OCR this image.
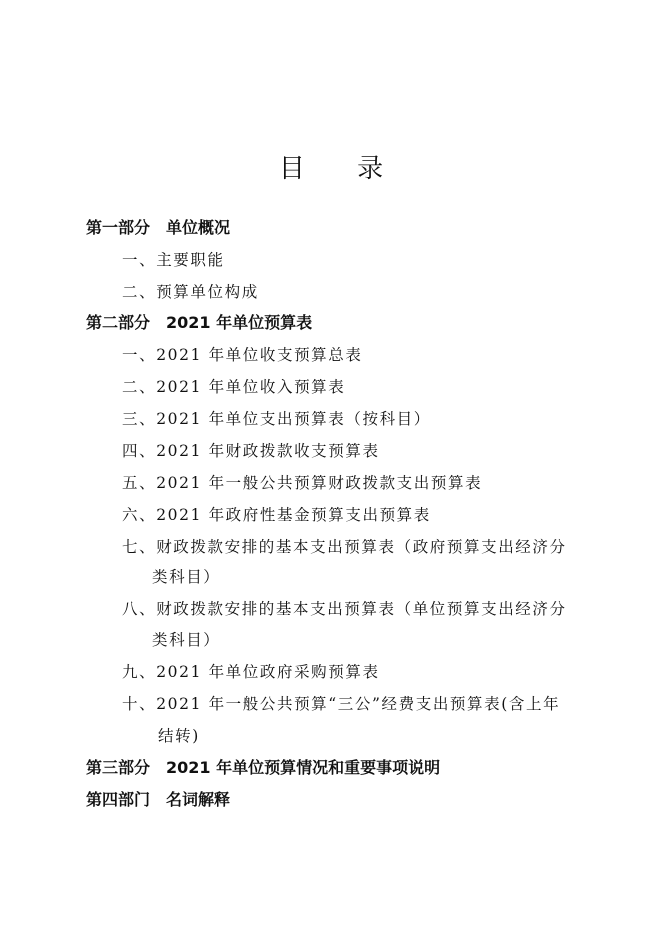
目 录
第一部分 单位概况
一、主要职能
二、预算单位构成
第二部分 2021 年单位预算表
一、2021 年单位收支预算总表
二、2021 年单位收入预算表
三、2021 年单位支出预算表（按科目）
四、2021 年财政拨款收支预算表
五、2021 年一般公共预算财政拨款支出预算表
六、2021 年政府性基金预算支出预算表
七、财政拨款安排的基本支出预算表（政府预算支出经济分
类科目）
八、财政拨款安排的基本支出预算表（单位预算支出经济分
类科目）
九、2021 年单位政府采购预算表
十、2021 年一般公共预算“三公”经费支出预算表(含上年
结转)
第三部分 2021 年单位预算情况和重要事项说明
第四部门 名词解释
